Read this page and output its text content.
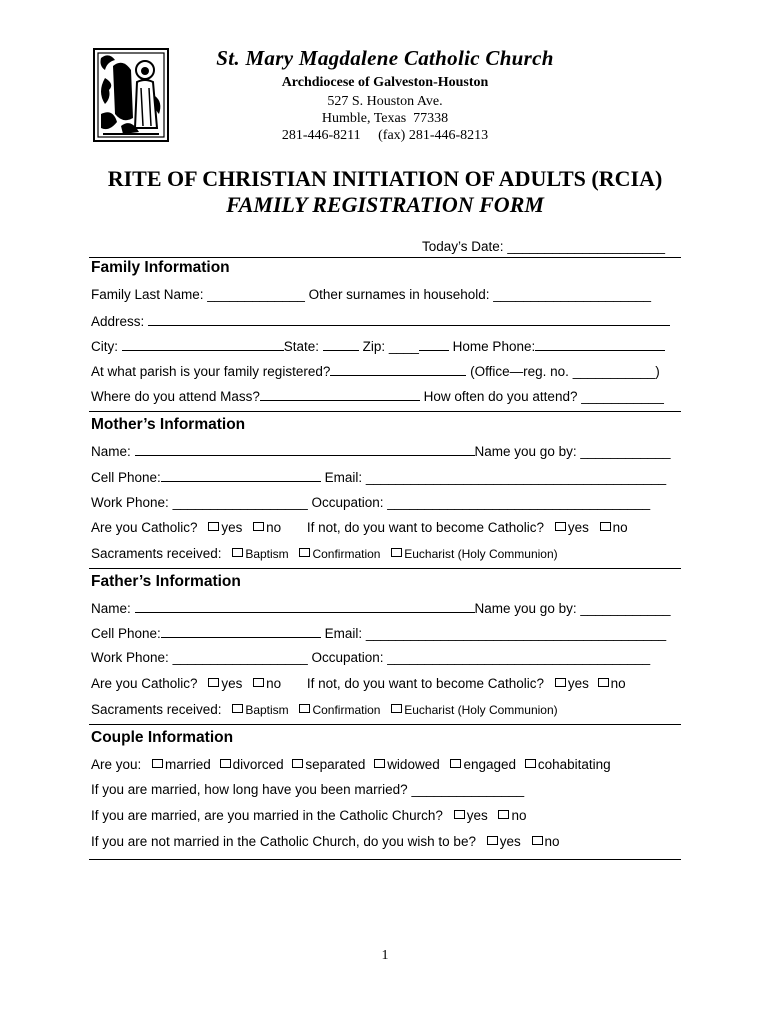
St. Mary Magdalene Catholic Church
Archdiocese of Galveston-Houston
527 S. Houston Ave.
Humble, Texas  77338
281-446-8211     (fax) 281-446-8213
RITE OF CHRISTIAN INITIATION OF ADULTS (RCIA)
FAMILY REGISTRATION FORM
Today’s Date: _____________________
Family Information
Family Last Name: _____________ Other surnames in household: _____________________
Address:
City:	State:	Zip: ____	Home Phone:
At what parish is your family registered?	(Office—reg. no. ___________)
Where do you attend Mass?	How often do you attend? ___________
Mother’s Information
Name:	Name you go by: ____________
Cell Phone:	Email: ________________________________________
Work Phone: __________________ Occupation: ___________________________________
Are you Catholic? yes no If not, do you want to become Catholic? yes no
Sacraments received: Baptism Confirmation Eucharist (Holy Communion)
Father’s Information
Name:	Name you go by: ____________
Cell Phone:	Email: ________________________________________
Work Phone: __________________ Occupation: ___________________________________
Are you Catholic? yes no If not, do you want to become Catholic? yes no
Sacraments received: Baptism Confirmation Eucharist (Holy Communion)
Couple Information
Are you: married divorced separated widowed engaged cohabitating
If you are married, how long have you been married? _______________
If you are married, are you married in the Catholic Church? yes no
If you are not married in the Catholic Church, do you wish to be? yes no
1
